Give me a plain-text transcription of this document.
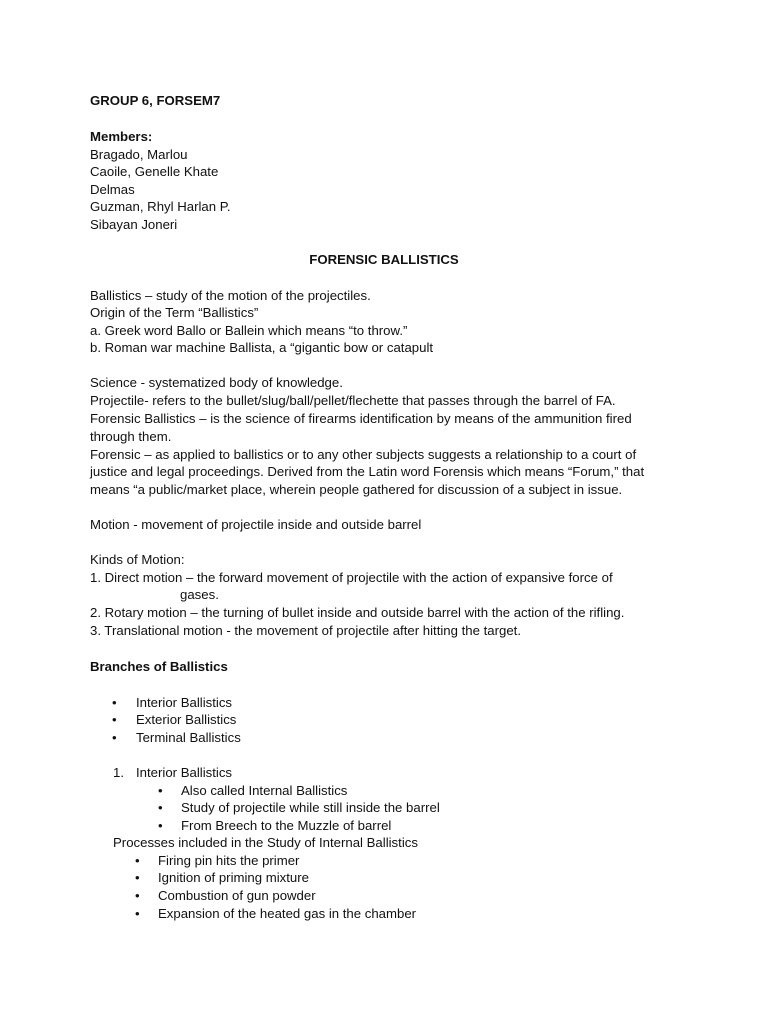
GROUP 6, FORSEM7
Members:
Bragado, Marlou
Caoile, Genelle Khate
Delmas
Guzman, Rhyl Harlan P.
Sibayan Joneri
FORENSIC BALLISTICS
Ballistics – study of the motion of the projectiles.
Origin of the Term “Ballistics”
a. Greek word Ballo or Ballein which means “to throw.”
b. Roman war machine Ballista, a “gigantic bow or catapult
Science - systematized body of knowledge.
Projectile- refers to the bullet/slug/ball/pellet/flechette that passes through the barrel of FA.
Forensic Ballistics – is the science of firearms identification by means of the ammunition fired
through them.
Forensic – as applied to ballistics or to any other subjects suggests a relationship to a court of
justice and legal proceedings. Derived from the Latin word Forensis which means “Forum,” that
means “a public/market place, wherein people gathered for discussion of a subject in issue.
Motion - movement of projectile inside and outside barrel
Kinds of Motion:
1. Direct motion – the forward movement of projectile with the action of expansive force of
gases.
2. Rotary motion – the turning of bullet inside and outside barrel with the action of the rifling.
3. Translational motion - the movement of projectile after hitting the target.
Branches of Ballistics
• Interior Ballistics
• Exterior Ballistics
• Terminal Ballistics
1. Interior Ballistics
• Also called Internal Ballistics
• Study of projectile while still inside the barrel
• From Breech to the Muzzle of barrel
Processes included in the Study of Internal Ballistics
• Firing pin hits the primer
• Ignition of priming mixture
• Combustion of gun powder
• Expansion of the heated gas in the chamber
